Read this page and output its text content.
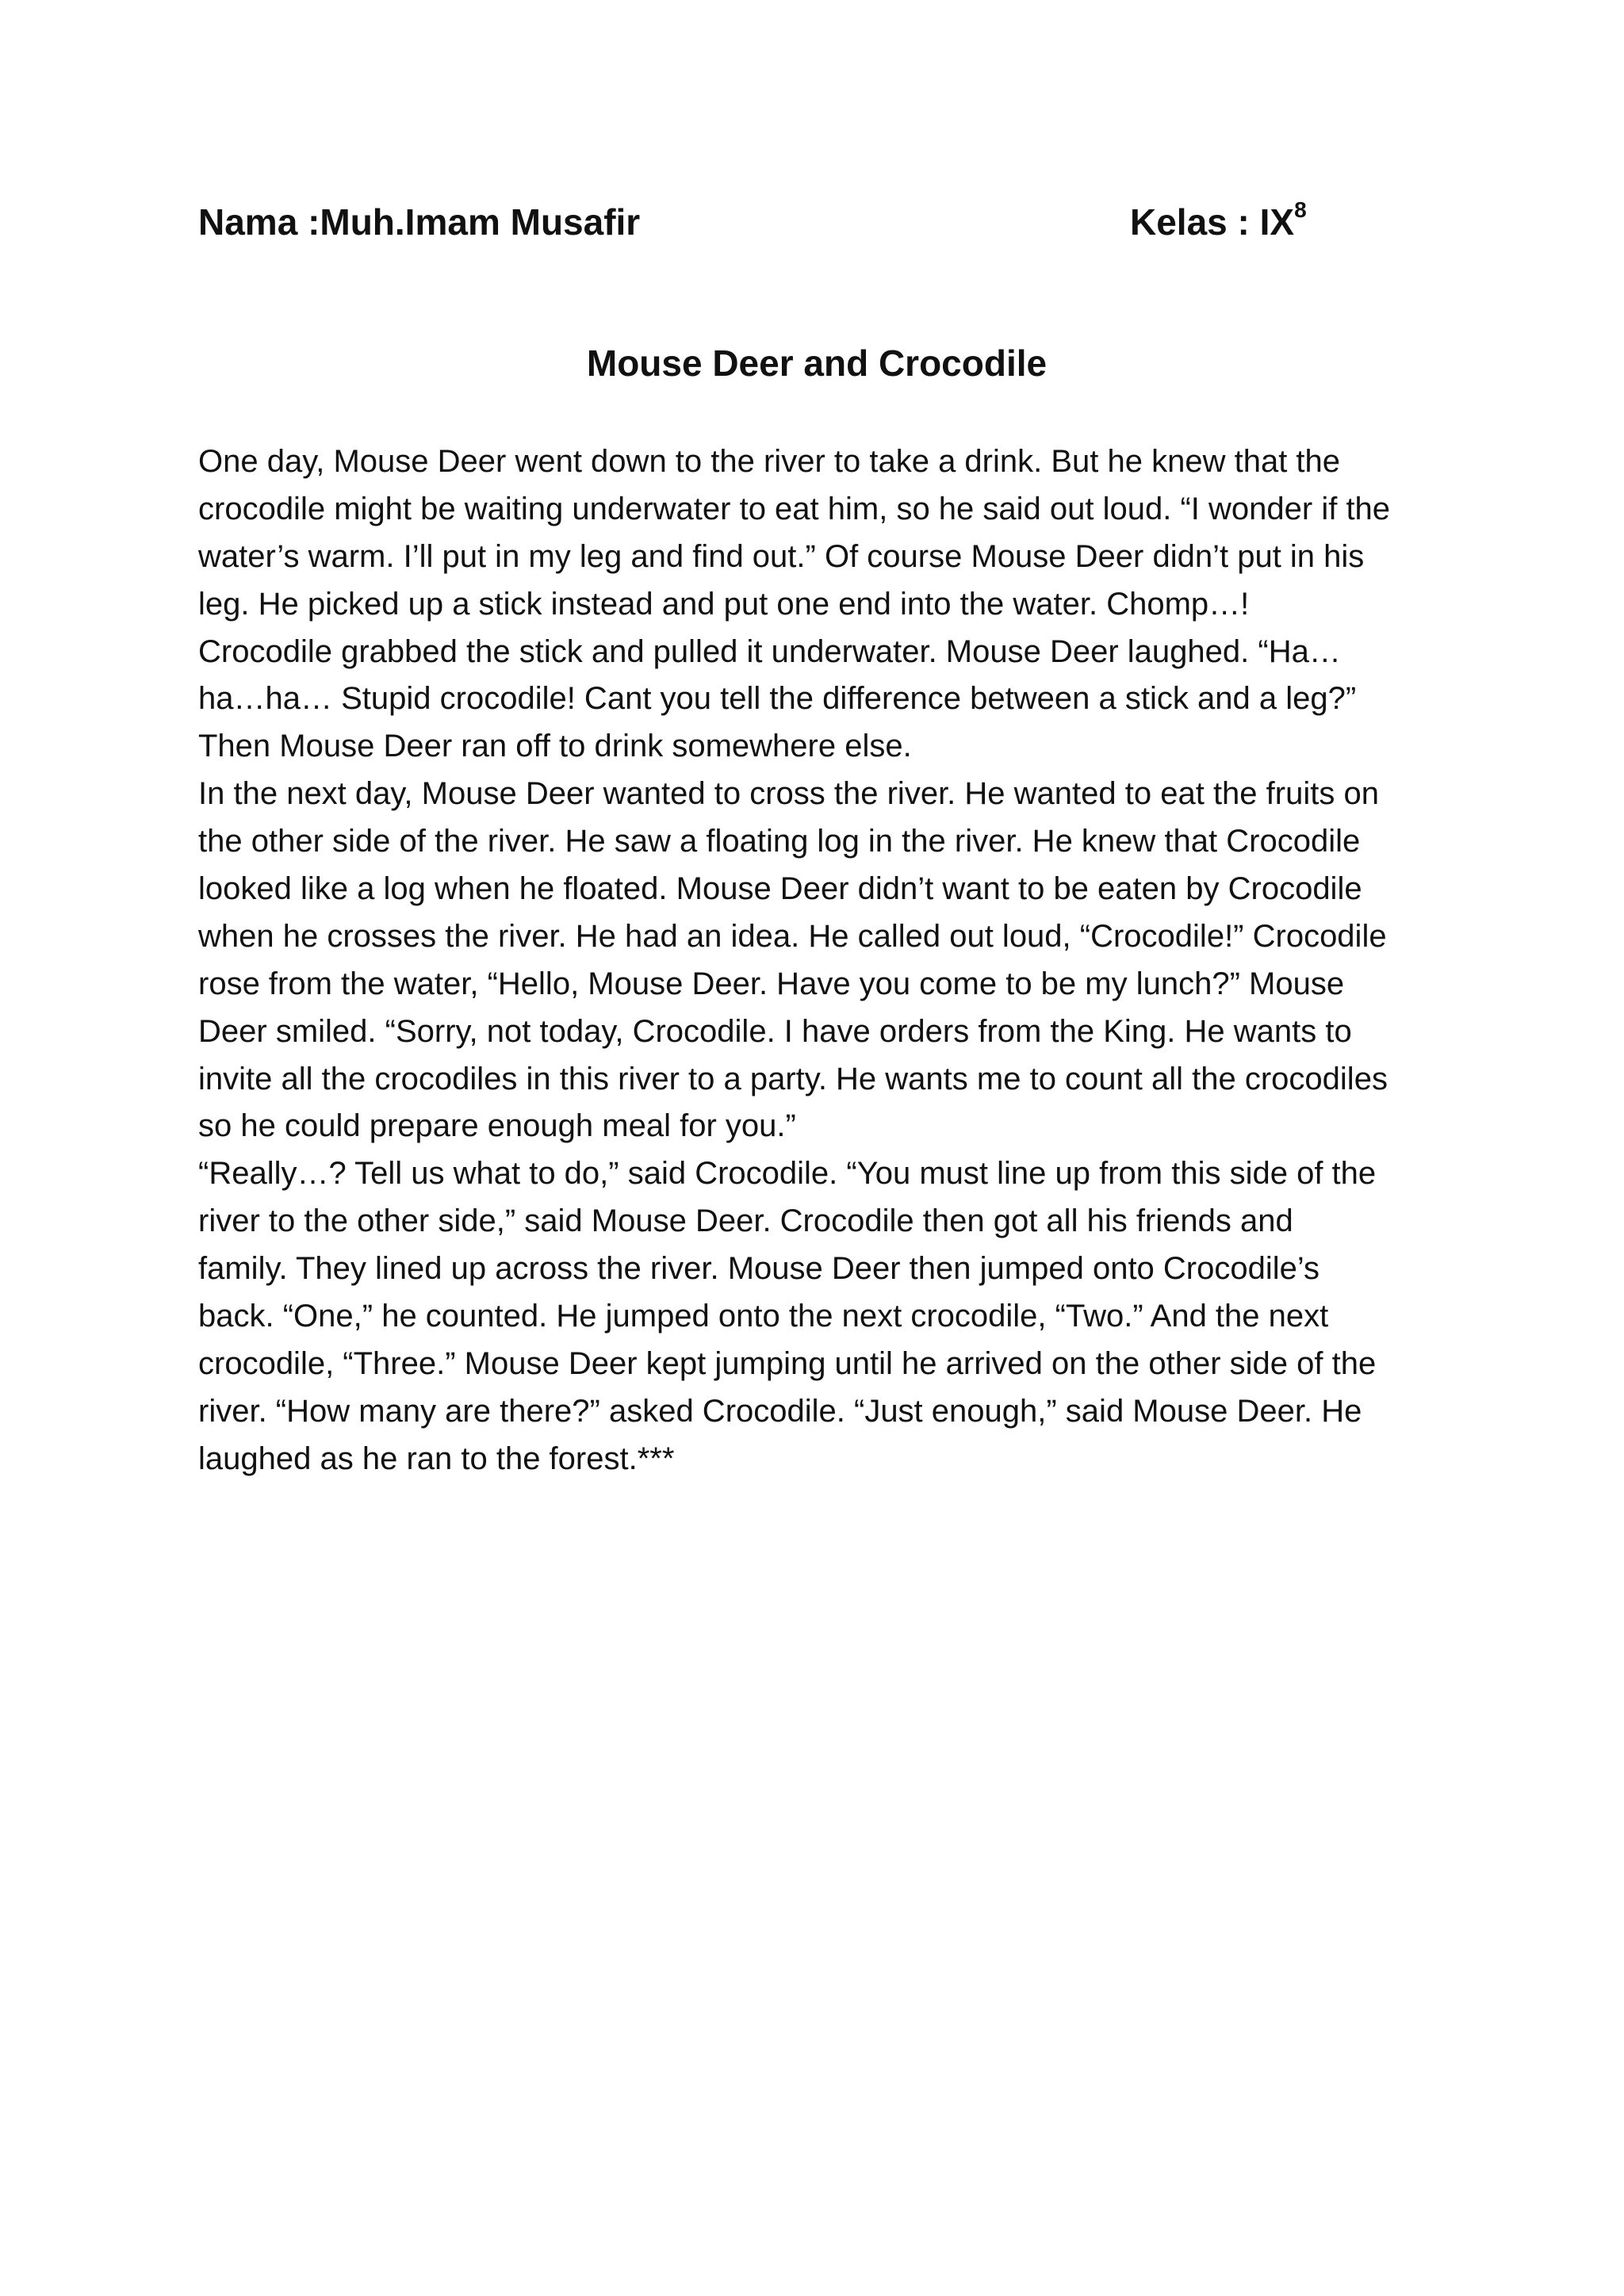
Nama :Muh.Imam Musafir	Kelas : $IX^8$
Mouse Deer and Crocodile
One day, Mouse Deer went down to the river to take a drink. But he knew that the
crocodile might be waiting underwater to eat him, so he said out loud. “I wonder if the
water’s warm. I’ll put in my leg and find out.” Of course Mouse Deer didn’t put in his
leg. He picked up a stick instead and put one end into the water. Chomp…!
Crocodile grabbed the stick and pulled it underwater. Mouse Deer laughed. “Ha…
ha…ha… Stupid crocodile! Cant you tell the difference between a stick and a leg?”
Then Mouse Deer ran off to drink somewhere else.
In the next day, Mouse Deer wanted to cross the river. He wanted to eat the fruits on
the other side of the river. He saw a floating log in the river. He knew that Crocodile
looked like a log when he floated. Mouse Deer didn’t want to be eaten by Crocodile
when he crosses the river. He had an idea. He called out loud, “Crocodile!” Crocodile
rose from the water, “Hello, Mouse Deer. Have you come to be my lunch?” Mouse
Deer smiled. “Sorry, not today, Crocodile. I have orders from the King. He wants to
invite all the crocodiles in this river to a party. He wants me to count all the crocodiles
so he could prepare enough meal for you.”
“Really…? Tell us what to do,” said Crocodile. “You must line up from this side of the
river to the other side,” said Mouse Deer. Crocodile then got all his friends and
family. They lined up across the river. Mouse Deer then jumped onto Crocodile’s
back. “One,” he counted. He jumped onto the next crocodile, “Two.” And the next
crocodile, “Three.” Mouse Deer kept jumping until he arrived on the other side of the
river. “How many are there?” asked Crocodile. “Just enough,” said Mouse Deer. He
laughed as he ran to the forest.***
